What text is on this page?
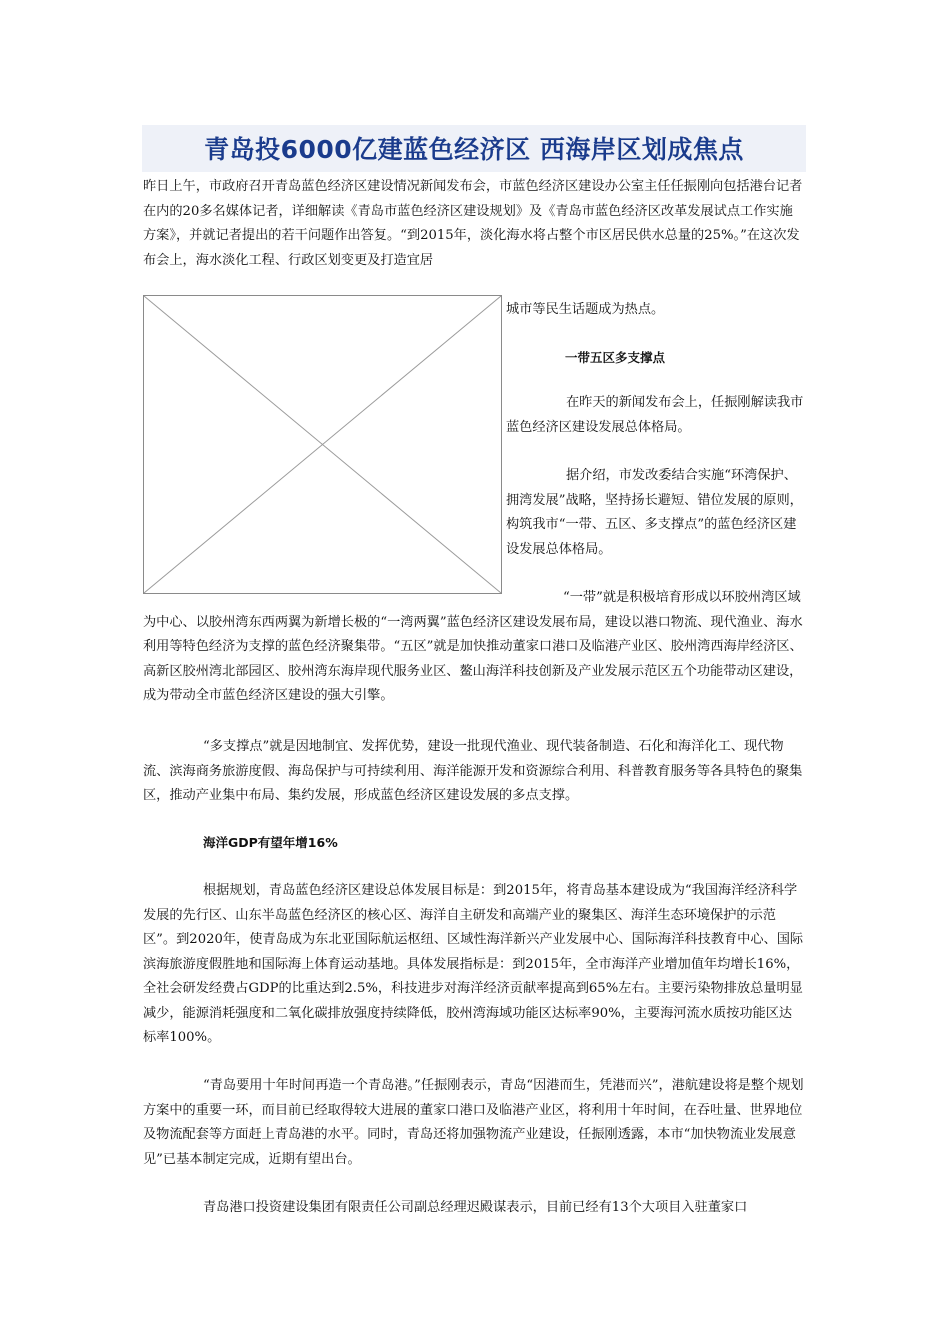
青岛投6000亿建蓝色经济区 西海岸区划成焦点

昨日上午，市政府召开青岛蓝色经济区建设情况新闻发布会，市蓝色经济区建设办公室主任任振刚向包括港台记者在内的20多名媒体记者，详细解读《青岛市蓝色经济区建设规划》及《青岛市蓝色经济区改革发展试点工作实施方案》，并就记者提出的若干问题作出答复。“到2015年，淡化海水将占整个市区居民供水总量的25%。”在这次发布会上，海水淡化工程、行政区划变更及打造宜居

城市等民生话题成为热点。

一带五区多支撑点

在昨天的新闻发布会上，任振刚解读我市蓝色经济区建设发展总体格局。

据介绍，市发改委结合实施“环湾保护、拥湾发展”战略，坚持扬长避短、错位发展的原则，构筑我市“一带、五区、多支撑点”的蓝色经济区建设发展总体格局。

“一带”就是积极培育形成以环胶州湾区域为中心、以胶州湾东西两翼为新增长极的“一湾两翼”蓝色经济区建设发展布局，建设以港口物流、现代渔业、海水利用等特色经济为支撑的蓝色经济聚集带。“五区”就是加快推动董家口港口及临港产业区、胶州湾西海岸经济区、高新区胶州湾北部园区、胶州湾东海岸现代服务业区、鳌山海洋科技创新及产业发展示范区五个功能带动区建设，成为带动全市蓝色经济区建设的强大引擎。

“多支撑点”就是因地制宜、发挥优势，建设一批现代渔业、现代装备制造、石化和海洋化工、现代物流、滨海商务旅游度假、海岛保护与可持续利用、海洋能源开发和资源综合利用、科普教育服务等各具特色的聚集区，推动产业集中布局、集约发展，形成蓝色经济区建设发展的多点支撑。

海洋GDP有望年增16%

根据规划，青岛蓝色经济区建设总体发展目标是：到2015年，将青岛基本建设成为“我国海洋经济科学发展的先行区、山东半岛蓝色经济区的核心区、海洋自主研发和高端产业的聚集区、海洋生态环境保护的示范区”。到2020年，使青岛成为东北亚国际航运枢纽、区域性海洋新兴产业发展中心、国际海洋科技教育中心、国际滨海旅游度假胜地和国际海上体育运动基地。具体发展指标是：到2015年，全市海洋产业增加值年均增长16%，全社会研发经费占GDP的比重达到2.5%，科技进步对海洋经济贡献率提高到65%左右。主要污染物排放总量明显减少，能源消耗强度和二氧化碳排放强度持续降低，胶州湾海域功能区达标率90%，主要海河流水质按功能区达标率100%。

“青岛要用十年时间再造一个青岛港。”任振刚表示，青岛“因港而生，凭港而兴”，港航建设将是整个规划方案中的重要一环，而目前已经取得较大进展的董家口港口及临港产业区，将利用十年时间，在吞吐量、世界地位及物流配套等方面赶上青岛港的水平。同时，青岛还将加强物流产业建设，任振刚透露，本市“加快物流业发展意见”已基本制定完成，近期有望出台。

青岛港口投资建设集团有限责任公司副总经理迟殿谋表示，目前已经有13个大项目入驻董家口
